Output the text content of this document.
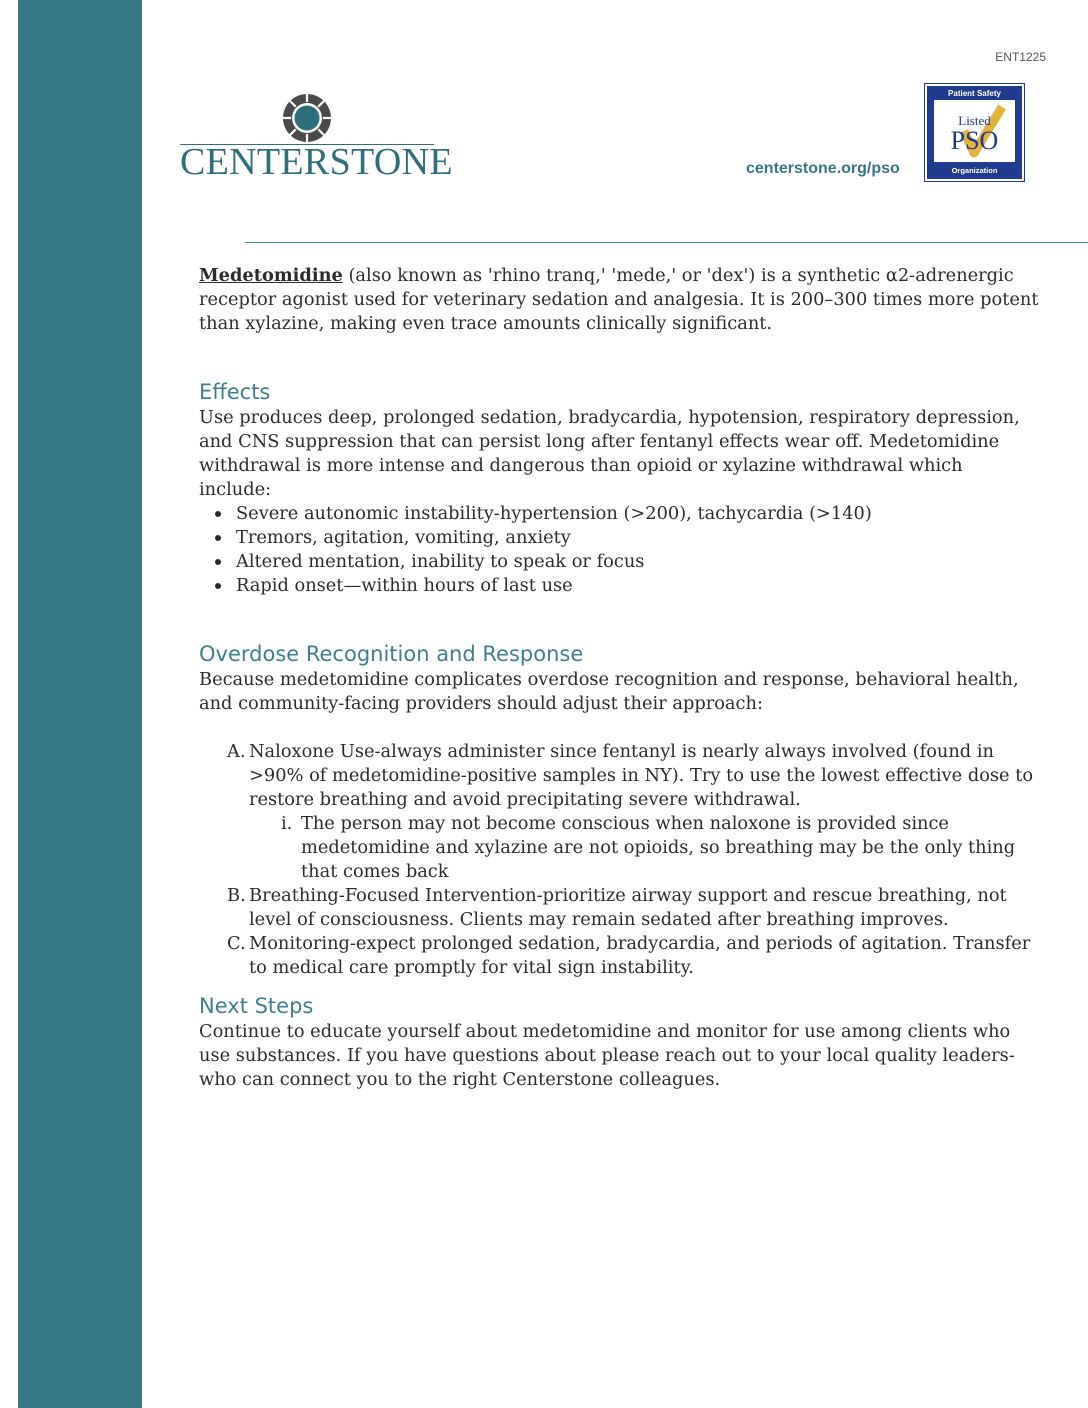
ENT1225
CENTERSTONE	centerstone.org/pso
Patient Safety
Listed
PSO
Organization

Medetomidine (also known as 'rhino tranq,' 'mede,' or 'dex') is a synthetic α2-adrenergic receptor agonist used for veterinary sedation and analgesia. It is 200–300 times more potent than xylazine, making even trace amounts clinically significant.

Effects

Use produces deep, prolonged sedation, bradycardia, hypotension, respiratory depression, and CNS suppression that can persist long after fentanyl effects wear off. Medetomidine withdrawal is more intense and dangerous than opioid or xylazine withdrawal which include:

Severe autonomic instability-hypertension (>200), tachycardia (>140)
Tremors, agitation, vomiting, anxiety
Altered mentation, inability to speak or focus
Rapid onset—within hours of last use
Overdose Recognition and Response

Because medetomidine complicates overdose recognition and response, behavioral health, and community-facing providers should adjust their approach:

A. Naloxone Use-always administer since fentanyl is nearly always involved (found in >90% of medetomidine-positive samples in NY). Try to use the lowest effective dose to restore breathing and avoid precipitating severe withdrawal.
i. The person may not become conscious when naloxone is provided since medetomidine and xylazine are not opioids, so breathing may be the only thing that comes back
B. Breathing-Focused Intervention-prioritize airway support and rescue breathing, not level of consciousness. Clients may remain sedated after breathing improves.
C. Monitoring-expect prolonged sedation, bradycardia, and periods of agitation. Transfer to medical care promptly for vital sign instability.
Next Steps

Continue to educate yourself about medetomidine and monitor for use among clients who use substances. If you have questions about please reach out to your local quality leaders- who can connect you to the right Centerstone colleagues.
